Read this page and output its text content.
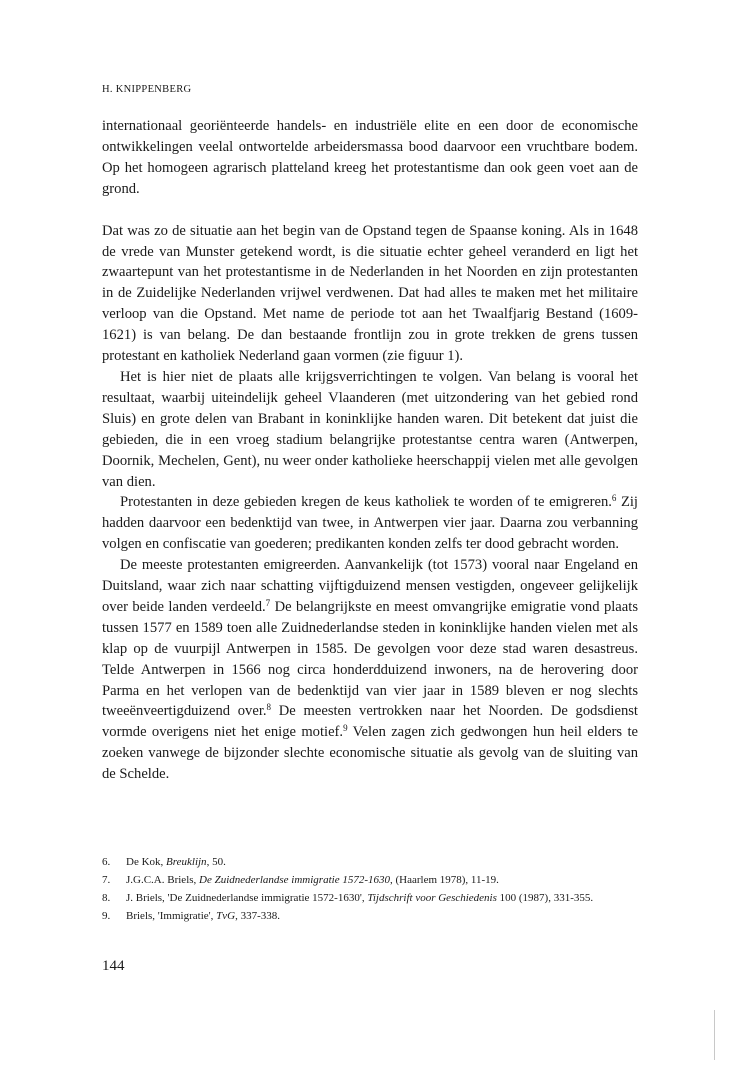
H. KNIPPENBERG

internationaal georiënteerde handels- en industriële elite en een door de economische ontwikkelingen veelal ontwortelde arbeidersmassa bood daarvoor een vruchtbare bodem. Op het homogeen agrarisch platteland kreeg het protestantisme dan ook geen voet aan de grond.

Dat was zo de situatie aan het begin van de Opstand tegen de Spaanse koning. Als in 1648 de vrede van Munster getekend wordt, is die situatie echter geheel veranderd en ligt het zwaartepunt van het protestantisme in de Nederlanden in het Noorden en zijn protestanten in de Zuidelijke Nederlanden vrijwel verdwenen. Dat had alles te maken met het militaire verloop van die Opstand. Met name de periode tot aan het Twaalfjarig Bestand (1609-1621) is van belang. De dan bestaande frontlijn zou in grote trekken de grens tussen protestant en katholiek Nederland gaan vormen (zie figuur 1).

Het is hier niet de plaats alle krijgsverrichtingen te volgen. Van belang is vooral het resultaat, waarbij uiteindelijk geheel Vlaanderen (met uitzondering van het gebied rond Sluis) en grote delen van Brabant in koninklijke handen waren. Dit betekent dat juist die gebieden, die in een vroeg stadium belangrijke protestantse centra waren (Antwerpen, Doornik, Mechelen, Gent), nu weer onder katholieke heerschappij vielen met alle gevolgen van dien.

Protestanten in deze gebieden kregen de keus katholiek te worden of te emigreren.$^6$ Zij hadden daarvoor een bedenktijd van twee, in Antwerpen vier jaar. Daarna zou verbanning volgen en confiscatie van goederen; predikanten konden zelfs ter dood gebracht worden.

De meeste protestanten emigreerden. Aanvankelijk (tot 1573) vooral naar Engeland en Duitsland, waar zich naar schatting vijftigduizend mensen vestigden, ongeveer gelijkelijk over beide landen verdeeld.$^7$ De belangrijkste en meest omvangrijke emigratie vond plaats tussen 1577 en 1589 toen alle Zuidnederlandse steden in koninklijke handen vielen met als klap op de vuurpijl Antwerpen in 1585. De gevolgen voor deze stad waren desastreus. Telde Antwerpen in 1566 nog circa honderdduizend inwoners, na de herovering door Parma en het verlopen van de bedenktijd van vier jaar in 1589 bleven er nog slechts tweeënveertigduizend over.$^8$ De meesten vertrokken naar het Noorden. De godsdienst vormde overigens niet het enige motief.$^9$ Velen zagen zich gedwongen hun heil elders te zoeken vanwege de bijzonder slechte economische situatie als gevolg van de sluiting van de Schelde.

6.	De Kok, Breuklijn, 50.
7.	J.G.C.A. Briels, De Zuidnederlandse immigratie 1572-1630, (Haarlem 1978), 11-19.
8.	J. Briels, 'De Zuidnederlandse immigratie 1572-1630', Tijdschrift voor Geschiedenis 100 (1987), 331-355.
9.	Briels, 'Immigratie', TvG, 337-338.
144
